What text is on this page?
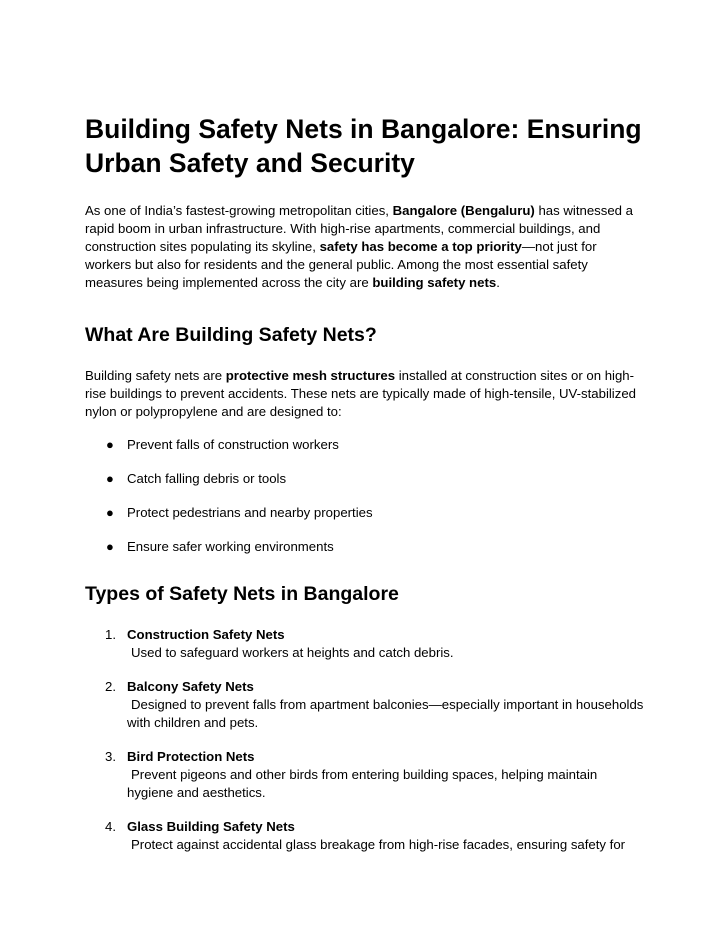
Building Safety Nets in Bangalore: Ensuring Urban Safety and Security

As one of India’s fastest-growing metropolitan cities, Bangalore (Bengaluru) has witnessed a rapid boom in urban infrastructure. With high-rise apartments, commercial buildings, and construction sites populating its skyline, safety has become a top priority—not just for workers but also for residents and the general public. Among the most essential safety measures being implemented across the city are building safety nets.

What Are Building Safety Nets?

Building safety nets are protective mesh structures installed at construction sites or on high-rise buildings to prevent accidents. These nets are typically made of high-tensile, UV-stabilized nylon or polypropylene and are designed to:

● Prevent falls of construction workers
● Catch falling debris or tools
● Protect pedestrians and nearby properties
● Ensure safer working environments
Types of Safety Nets in Bangalore
1. Construction Safety Nets
Used to safeguard workers at heights and catch debris.
2. Balcony Safety Nets
Designed to prevent falls from apartment balconies—especially important in households with children and pets.
3. Bird Protection Nets
Prevent pigeons and other birds from entering building spaces, helping maintain hygiene and aesthetics.
4. Glass Building Safety Nets
Protect against accidental glass breakage from high-rise facades, ensuring safety for
